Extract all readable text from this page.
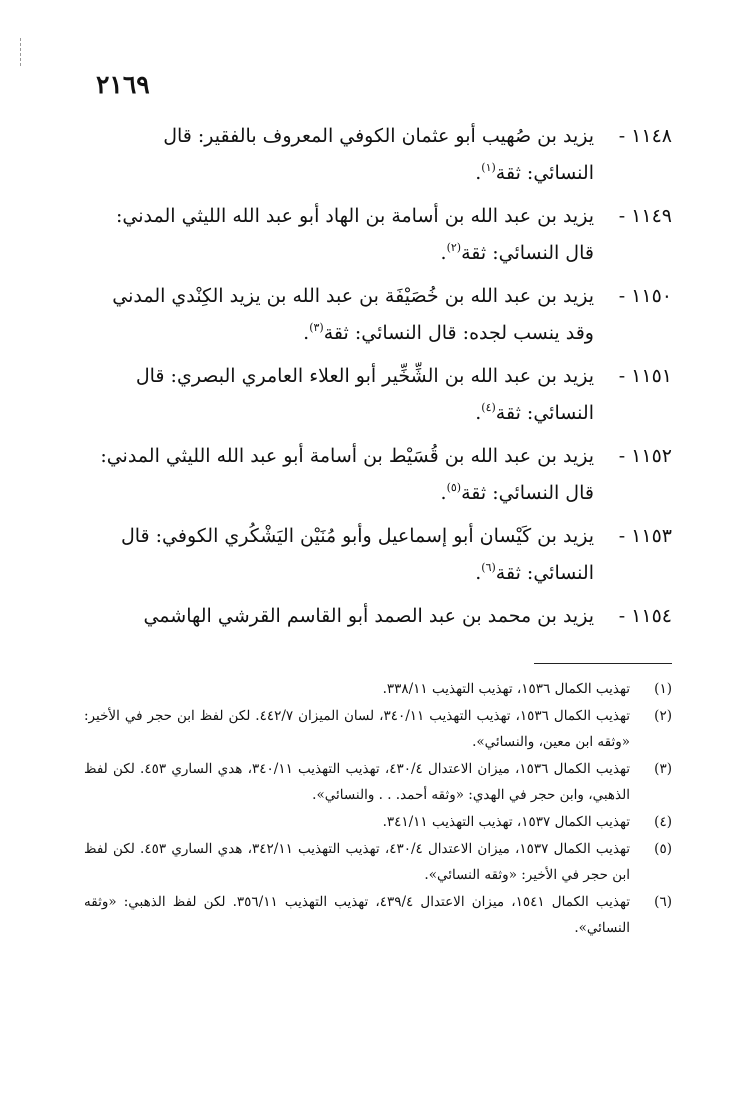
٢١٦٩
١١٤٨ -
يزيد بن صُهيب أبو عثمان الكوفي المعروف بالفقير: قال
النسائي: ثقة$^{(١)}$.
١١٤٩ -
يزيد بن عبد الله بن أسامة بن الهاد أبو عبد الله الليثي المدني:
قال النسائي: ثقة$^{(٢)}$.
١١٥٠ -
يزيد بن عبد الله بن خُصَيْفَة بن عبد الله بن يزيد الكِنْدي المدني
وقد ينسب لجده: قال النسائي: ثقة$^{(٣)}$.
١١٥١ -
يزيد بن عبد الله بن الشِّخِّير أبو العلاء العامري البصري: قال
النسائي: ثقة$^{(٤)}$.
١١٥٢ -
يزيد بن عبد الله بن قُسَيْط بن أسامة أبو عبد الله الليثي المدني:
قال النسائي: ثقة$^{(٥)}$.
١١٥٣ -
يزيد بن كَيْسان أبو إسماعيل وأبو مُنَيْن اليَشْكُري الكوفي: قال
النسائي: ثقة$^{(٦)}$.
١١٥٤ -
يزيد بن محمد بن عبد الصمد أبو القاسم القرشي الهاشمي
(١)
تهذيب الكمال ١٥٣٦، تهذيب التهذيب ٣٣٨/١١.
(٢)
تهذيب الكمال ١٥٣٦، تهذيب التهذيب ٣٤٠/١١، لسان الميزان ٤٤٢/٧. لكن لفظ ابن حجر في الأخير: «وثقه ابن معين، والنسائي».
(٣)
تهذيب الكمال ١٥٣٦، ميزان الاعتدال ٤٣٠/٤، تهذيب التهذيب ٣٤٠/١١، هدي الساري ٤٥٣. لكن لفظ الذهبي، وابن حجر في الهدي: «وثقه أحمد. . . والنسائي».
(٤)
تهذيب الكمال ١٥٣٧، تهذيب التهذيب ٣٤١/١١.
(٥)
تهذيب الكمال ١٥٣٧، ميزان الاعتدال ٤٣٠/٤، تهذيب التهذيب ٣٤٢/١١، هدي الساري ٤٥٣. لكن لفظ ابن حجر في الأخير: «وثقه النسائي».
(٦)
تهذيب الكمال ١٥٤١، ميزان الاعتدال ٤٣٩/٤، تهذيب التهذيب ٣٥٦/١١. لكن لفظ الذهبي: «وثقه النسائي».
